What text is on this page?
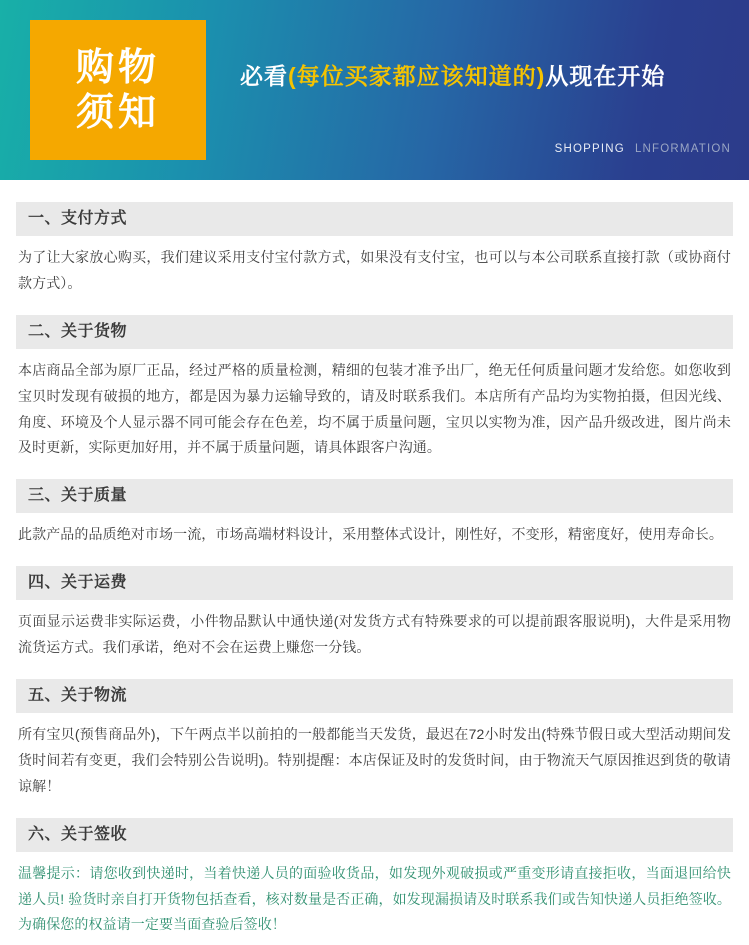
购物
须知
必看(每位买家都应该知道的)从现在开始
SHOPPING LNFORMATION
一、支付方式
为了让大家放心购买，我们建议采用支付宝付款方式，如果没有支付宝，也可以与本公司联系直接打款（或协商付款方式）。
二、关于货物
本店商品全部为原厂正品，经过严格的质量检测，精细的包装才准予出厂，绝无任何质量问题才发给您。如您收到宝贝时发现有破损的地方，都是因为暴力运输导致的，请及时联系我们。本店所有产品均为实物拍摄，但因光线、角度、环境及个人显示器不同可能会存在色差，均不属于质量问题，宝贝以实物为准，因产品升级改进，图片尚未及时更新，实际更加好用，并不属于质量问题，请具体跟客户沟通。
三、关于质量
此款产品的品质绝对市场一流，市场高端材料设计，采用整体式设计，刚性好，不变形，精密度好，使用寿命长。
四、关于运费
页面显示运费非实际运费，小件物品默认中通快递(对发货方式有特殊要求的可以提前跟客服说明)，大件是采用物流货运方式。我们承诺，绝对不会在运费上赚您一分钱。
五、关于物流
所有宝贝(预售商品外)，下午两点半以前拍的一般都能当天发货，最迟在72小时发出(特殊节假日或大型活动期间发货时间若有变更，我们会特别公告说明)。特别提醒：本店保证及时的发货时间，由于物流天气原因推迟到货的敬请谅解！
六、关于签收
温馨提示：请您收到快递时，当着快递人员的面验收货品，如发现外观破损或严重变形请直接拒收，当面退回给快递人员! 验货时亲自打开货物包括查看，核对数量是否正确，如发现漏损请及时联系我们或告知快递人员拒绝签收。为确保您的权益请一定要当面查验后签收！
